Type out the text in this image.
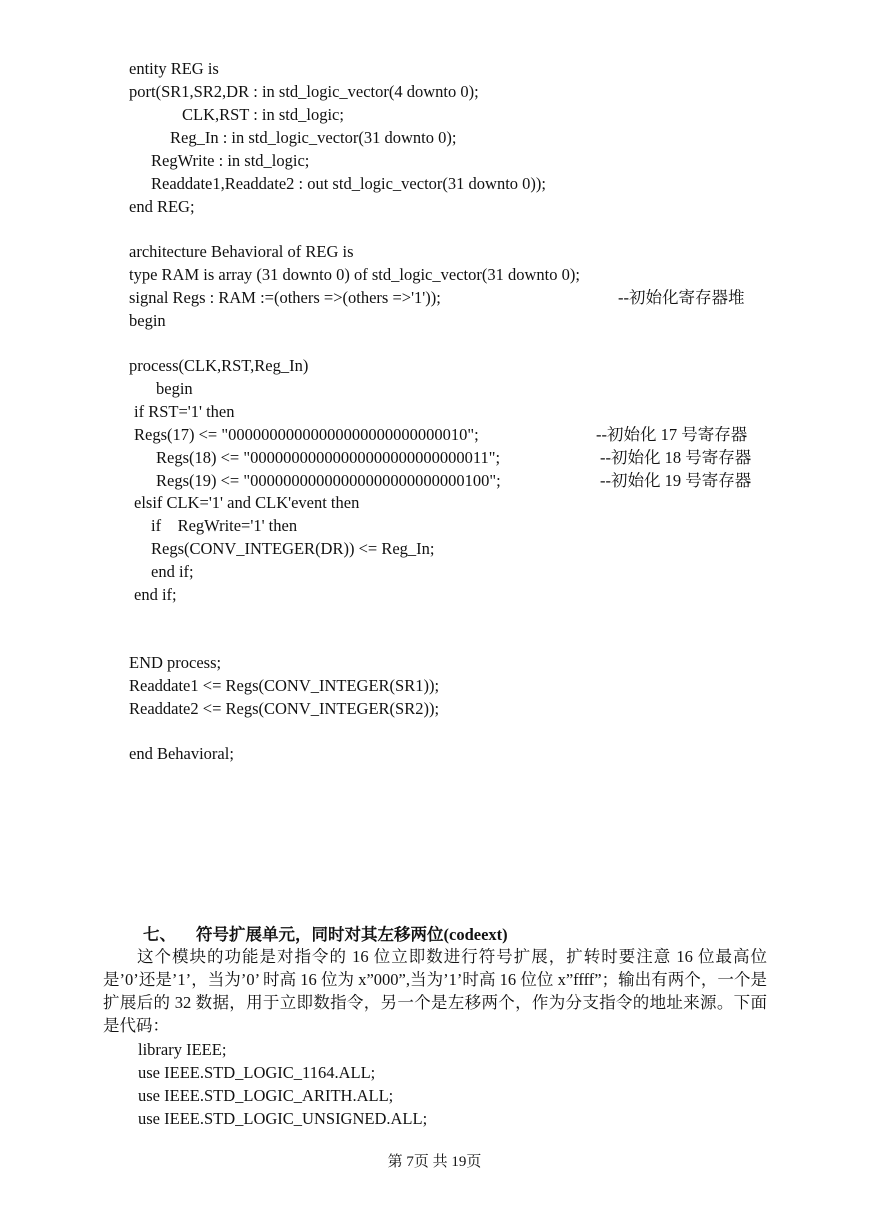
entity REG is
port(SR1,SR2,DR : in std_logic_vector(4 downto 0);
CLK,RST : in std_logic;
Reg_In : in std_logic_vector(31 downto 0);
RegWrite : in std_logic;
Readdate1,Readdate2 : out std_logic_vector(31 downto 0));
end REG;
architecture Behavioral of REG is
type RAM is array (31 downto 0) of std_logic_vector(31 downto 0);
signal Regs : RAM :=(others =>(others =>'1'));	--初始化寄存器堆
begin
process(CLK,RST,Reg_In)
begin
if RST='1' then
Regs(17) <= "00000000000000000000000000010";	--初始化 17 号寄存器
Regs(18) <= "00000000000000000000000000011";	--初始化 18 号寄存器
Regs(19) <= "00000000000000000000000000100";	--初始化 19 号寄存器
elsif CLK='1' and CLK'event then
if    RegWrite='1' then
Regs(CONV_INTEGER(DR)) <= Reg_In;
end if;
end if;
END process;
Readdate1 <= Regs(CONV_INTEGER(SR1));
Readdate2 <= Regs(CONV_INTEGER(SR2));
end Behavioral;
七、 符号扩展单元，同时对其左移两位(codeext)
这个模块的功能是对指令的 16 位立即数进行符号扩展，扩转时要注意 16 位最高位是’0’还是’1’，当为’0’ 时高 16 位为 x”000”,当为’1’时高 16 位位 x”ffff”；输出有两个，一个是扩展后的 32 数据，用于立即数指令，另一个是左移两个，作为分支指令的地址来源。下面是代码：
library IEEE;
use IEEE.STD_LOGIC_1164.ALL;
use IEEE.STD_LOGIC_ARITH.ALL;
use IEEE.STD_LOGIC_UNSIGNED.ALL;
第 7页 共 19页
